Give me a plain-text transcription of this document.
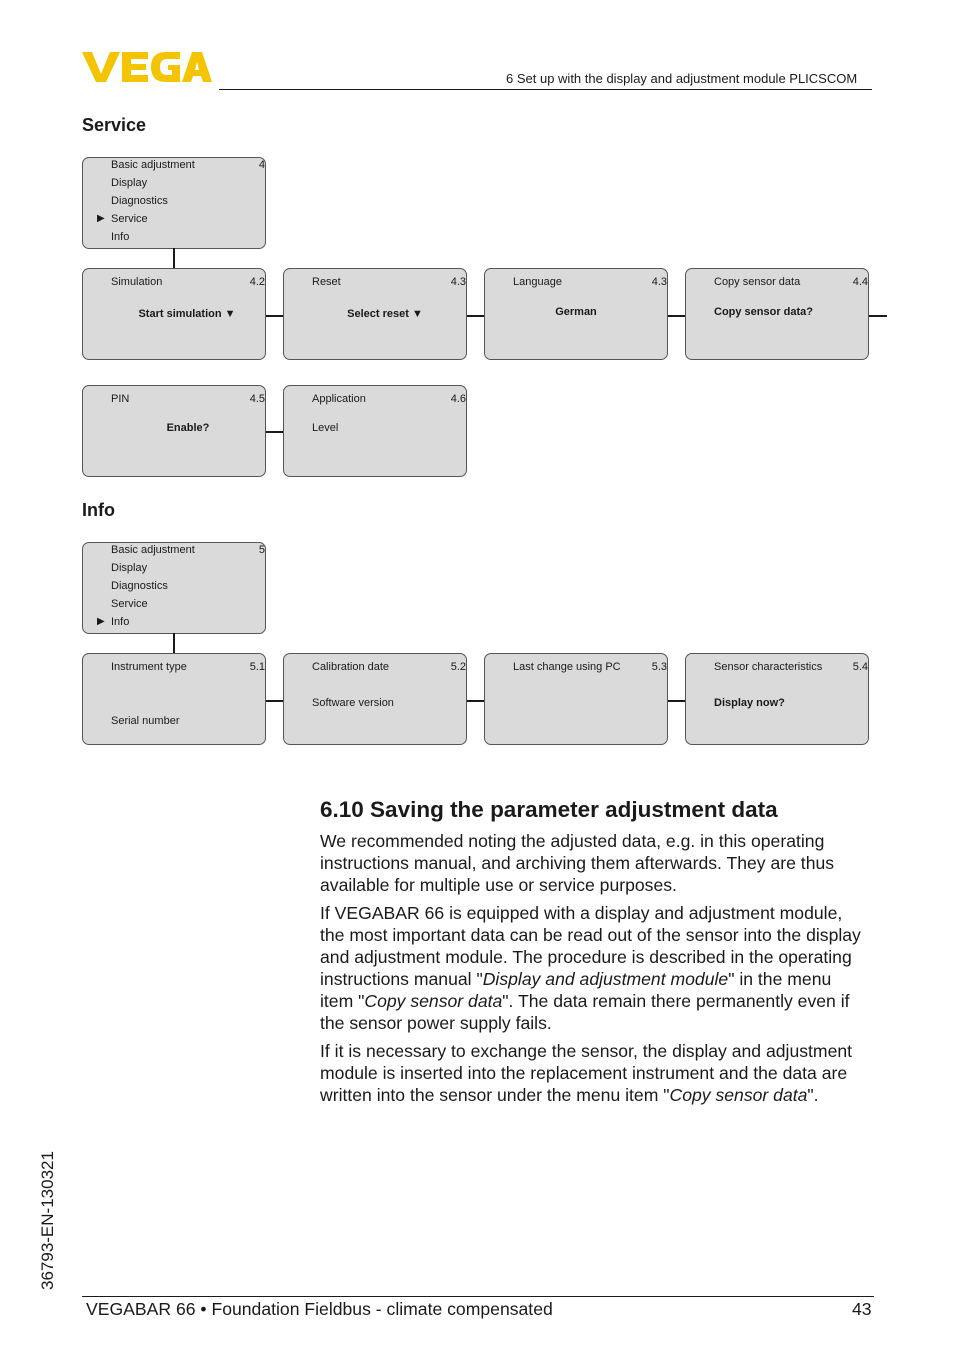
6 Set up with the display and adjustment module PLICSCOM
Service
Basic adjustment
Display
Diagnostics
▶ Service
Info
4
Simulation	4.2
Start simulation ▼
Reset	4.3
Select reset ▼
Language	4.3
German
Copy sensor data	4.4
Copy sensor data?
PIN	4.5
Enable?
Application	4.6
Level
Info
Basic adjustment
Display
Diagnostics
Service
▶ Info
5
Instrument type	5.1
Serial number
Calibration date	5.2
Software version
Last change using PC	5.3	Sensor characteristics	5.4
Display now?
6.10 Saving the parameter adjustment data
We recommended noting the adjusted data, e.g. in this operating
instructions manual, and archiving them afterwards. They are thus
available for multiple use or service purposes.
If VEGABAR 66 is equipped with a display and adjustment module,
the most important data can be read out of the sensor into the display
and adjustment module. The procedure is described in the operating
instructions manual "Display and adjustment module" in the menu
item "Copy sensor data". The data remain there permanently even if
the sensor power supply fails.
If it is necessary to exchange the sensor, the display and adjustment
module is inserted into the replacement instrument and the data are
written into the sensor under the menu item "Copy sensor data".
36793-EN-130321
VEGABAR 66 • Foundation Fieldbus - climate compensated	43
